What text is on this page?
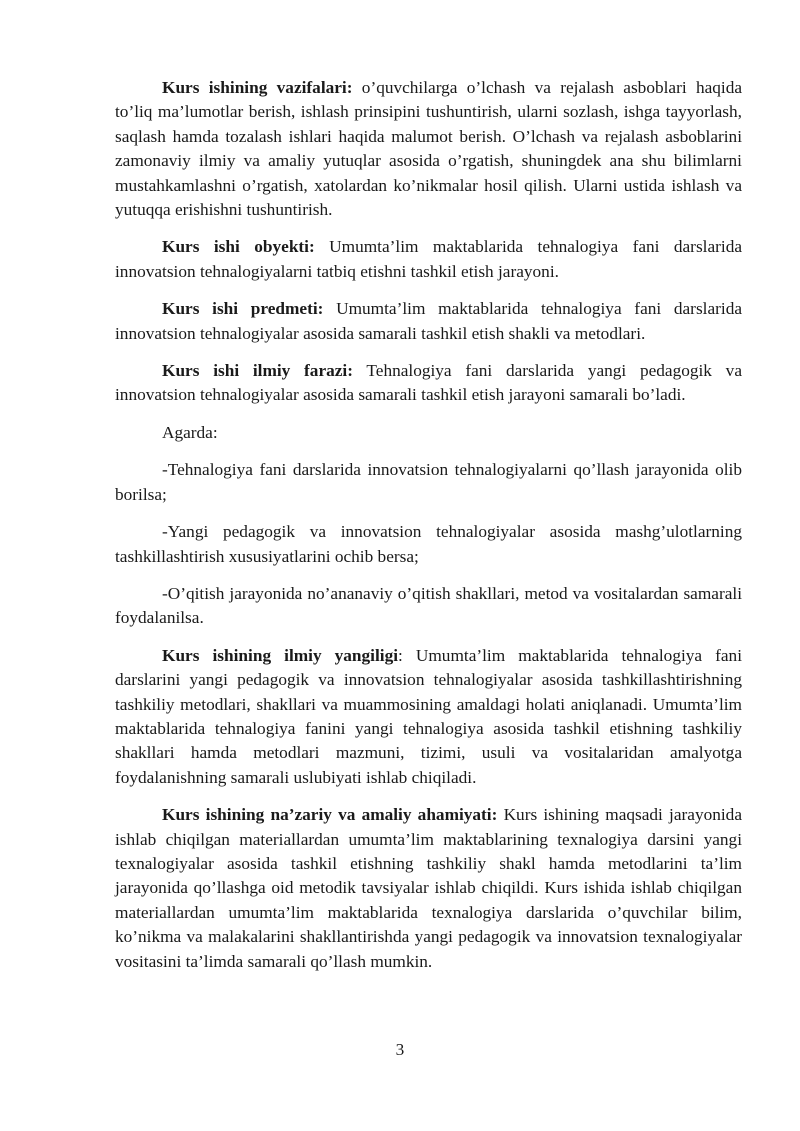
Kurs ishining vazifalari: o’quvchilarga o’lchash va rejalash asboblari haqida to’liq ma’lumotlar berish, ishlash prinsipini tushuntirish, ularni sozlash, ishga tayyorlash, saqlash hamda tozalash ishlari haqida malumot berish. O’lchash va rejalash asboblarini zamonaviy ilmiy va amaliy yutuqlar asosida o’rgatish, shuningdek ana shu bilimlarni mustahkamlashni o’rgatish, xatolardan ko’nikmalar hosil qilish. Ularni ustida ishlash va yutuqqa erishishni tushuntirish.

Kurs ishi obyekti: Umumta’lim maktablarida tehnalogiya fani darslarida innovatsion tehnalogiyalarni tatbiq etishni tashkil etish jarayoni.

Kurs ishi predmeti: Umumta’lim maktablarida tehnalogiya fani darslarida innovatsion tehnalogiyalar asosida samarali tashkil etish shakli va metodlari.

Kurs ishi ilmiy farazi: Tehnalogiya fani darslarida yangi pedagogik va innovatsion tehnalogiyalar asosida samarali tashkil etish jarayoni samarali bo’ladi.

Agarda:

-Tehnalogiya fani darslarida innovatsion tehnalogiyalarni qo’llash jarayonida olib borilsa;

-Yangi pedagogik va innovatsion tehnalogiyalar asosida mashg’ulotlarning tashkillashtirish xususiyatlarini ochib bersa;

-O’qitish jarayonida no’ananaviy o’qitish shakllari, metod va vositalardan samarali foydalanilsa.

Kurs ishining ilmiy yangiligi: Umumta’lim maktablarida tehnalogiya fani darslarini yangi pedagogik va innovatsion tehnalogiyalar asosida tashkillashtirishning tashkiliy metodlari, shakllari va muammosining amaldagi holati aniqlanadi. Umumta’lim maktablarida tehnalogiya fanini yangi tehnalogiya asosida tashkil etishning tashkiliy shakllari hamda metodlari mazmuni, tizimi, usuli va vositalaridan amalyotga foydalanishning samarali uslubiyati ishlab chiqiladi.

Kurs ishining na’zariy va amaliy ahamiyati: Kurs ishining maqsadi jarayonida ishlab chiqilgan materiallardan umumta’lim maktablarining texnalogiya darsini yangi texnalogiyalar asosida tashkil etishning tashkiliy shakl hamda metodlarini ta’lim jarayonida qo’llashga oid metodik tavsiyalar ishlab chiqildi. Kurs ishida ishlab chiqilgan materiallardan umumta’lim maktablarida texnalogiya darslarida o’quvchilar bilim, ko’nikma va malakalarini shakllantirishda yangi pedagogik va innovatsion texnalogiyalar vositasini ta’limda samarali qo’llash mumkin.

3
